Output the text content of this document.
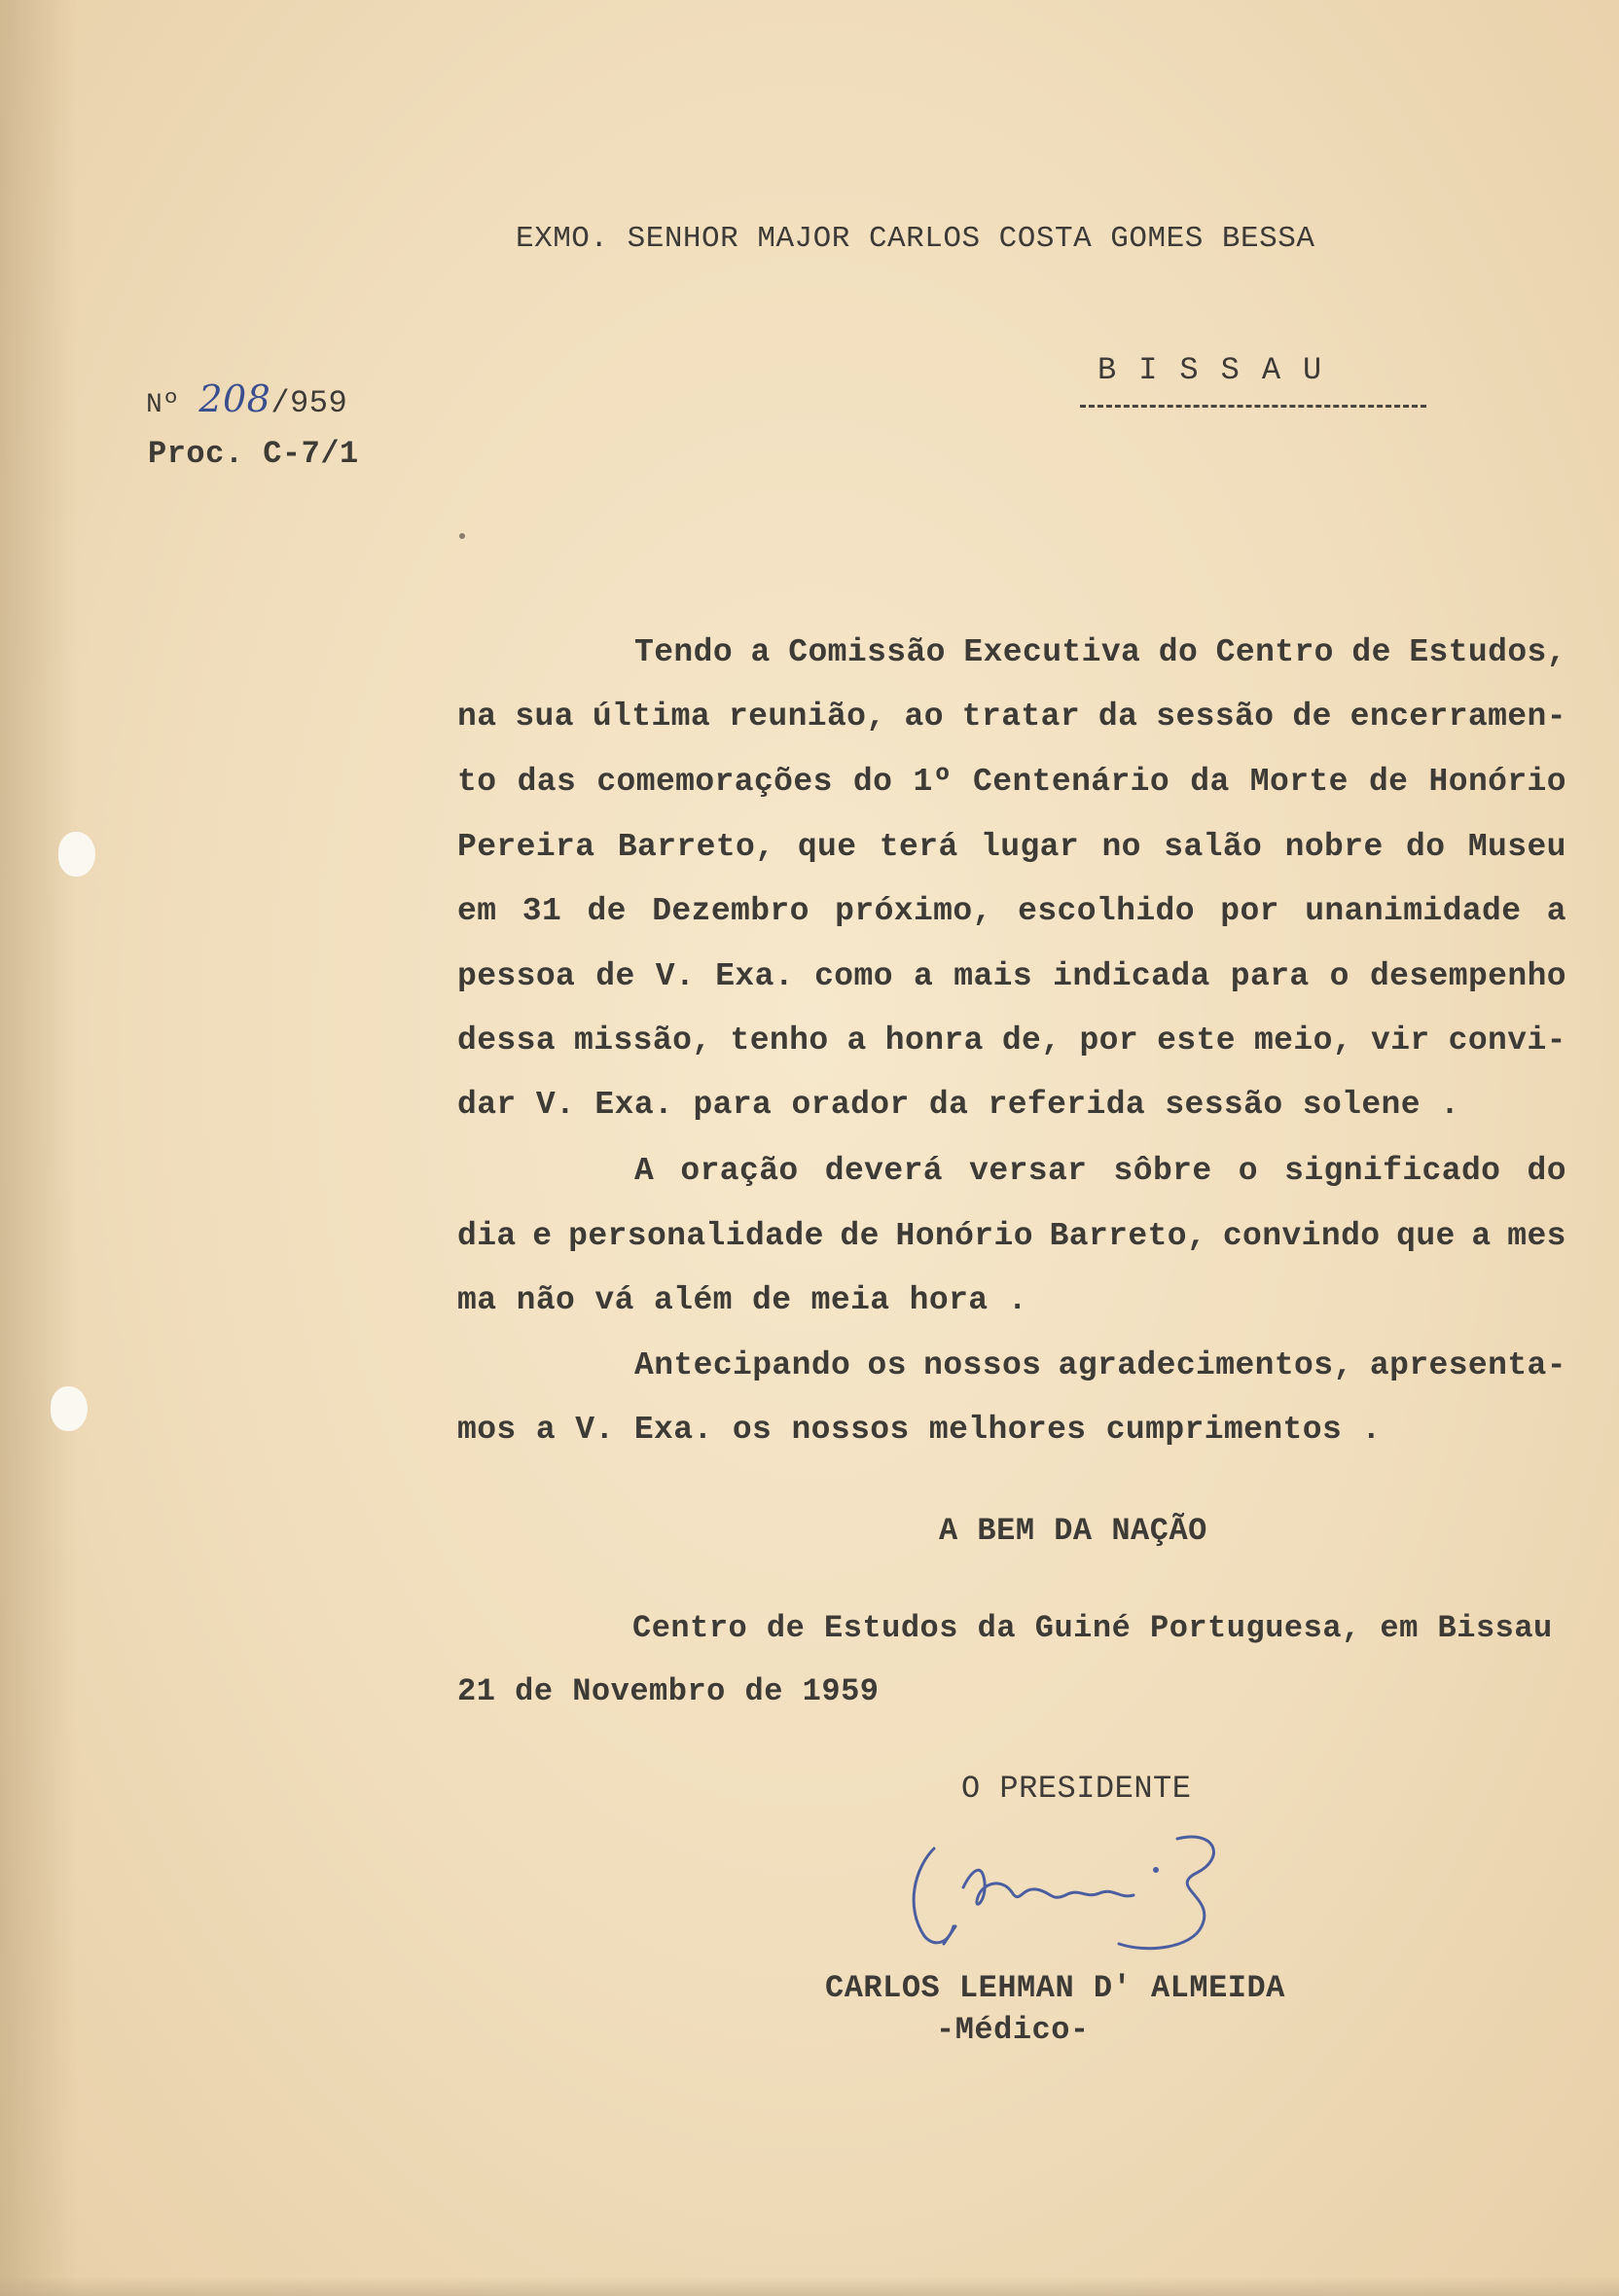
EXMO. SENHOR MAJOR CARLOS COSTA GOMES BESSA
BISSAU
Nº 208/959
Proc. C-7/1
Tendo a Comissão Executiva do Centro de Estudos,
na sua última reunião, ao tratar da sessão de encerramen-
to das comemorações do 1º Centenário da Morte de Honório
Pereira Barreto, que terá lugar no salão nobre do Museu
em 31 de Dezembro próximo, escolhido por unanimidade a
pessoa de V. Exa. como a mais indicada para o desempenho
dessa missão, tenho a honra de, por este meio, vir convi-
dar V. Exa. para orador da referida sessão solene .
A oração deverá versar sôbre o significado do
dia e personalidade de Honório Barreto, convindo que a mes
ma não vá além de meia hora .
Antecipando os nossos agradecimentos, apresenta-
mos a V. Exa. os nossos melhores cumprimentos .
A BEM DA NAÇÃO
Centro de Estudos da Guiné Portuguesa, em Bissau
21 de Novembro de 1959
O PRESIDENTE
CARLOS LEHMAN D' ALMEIDA
-Médico-
